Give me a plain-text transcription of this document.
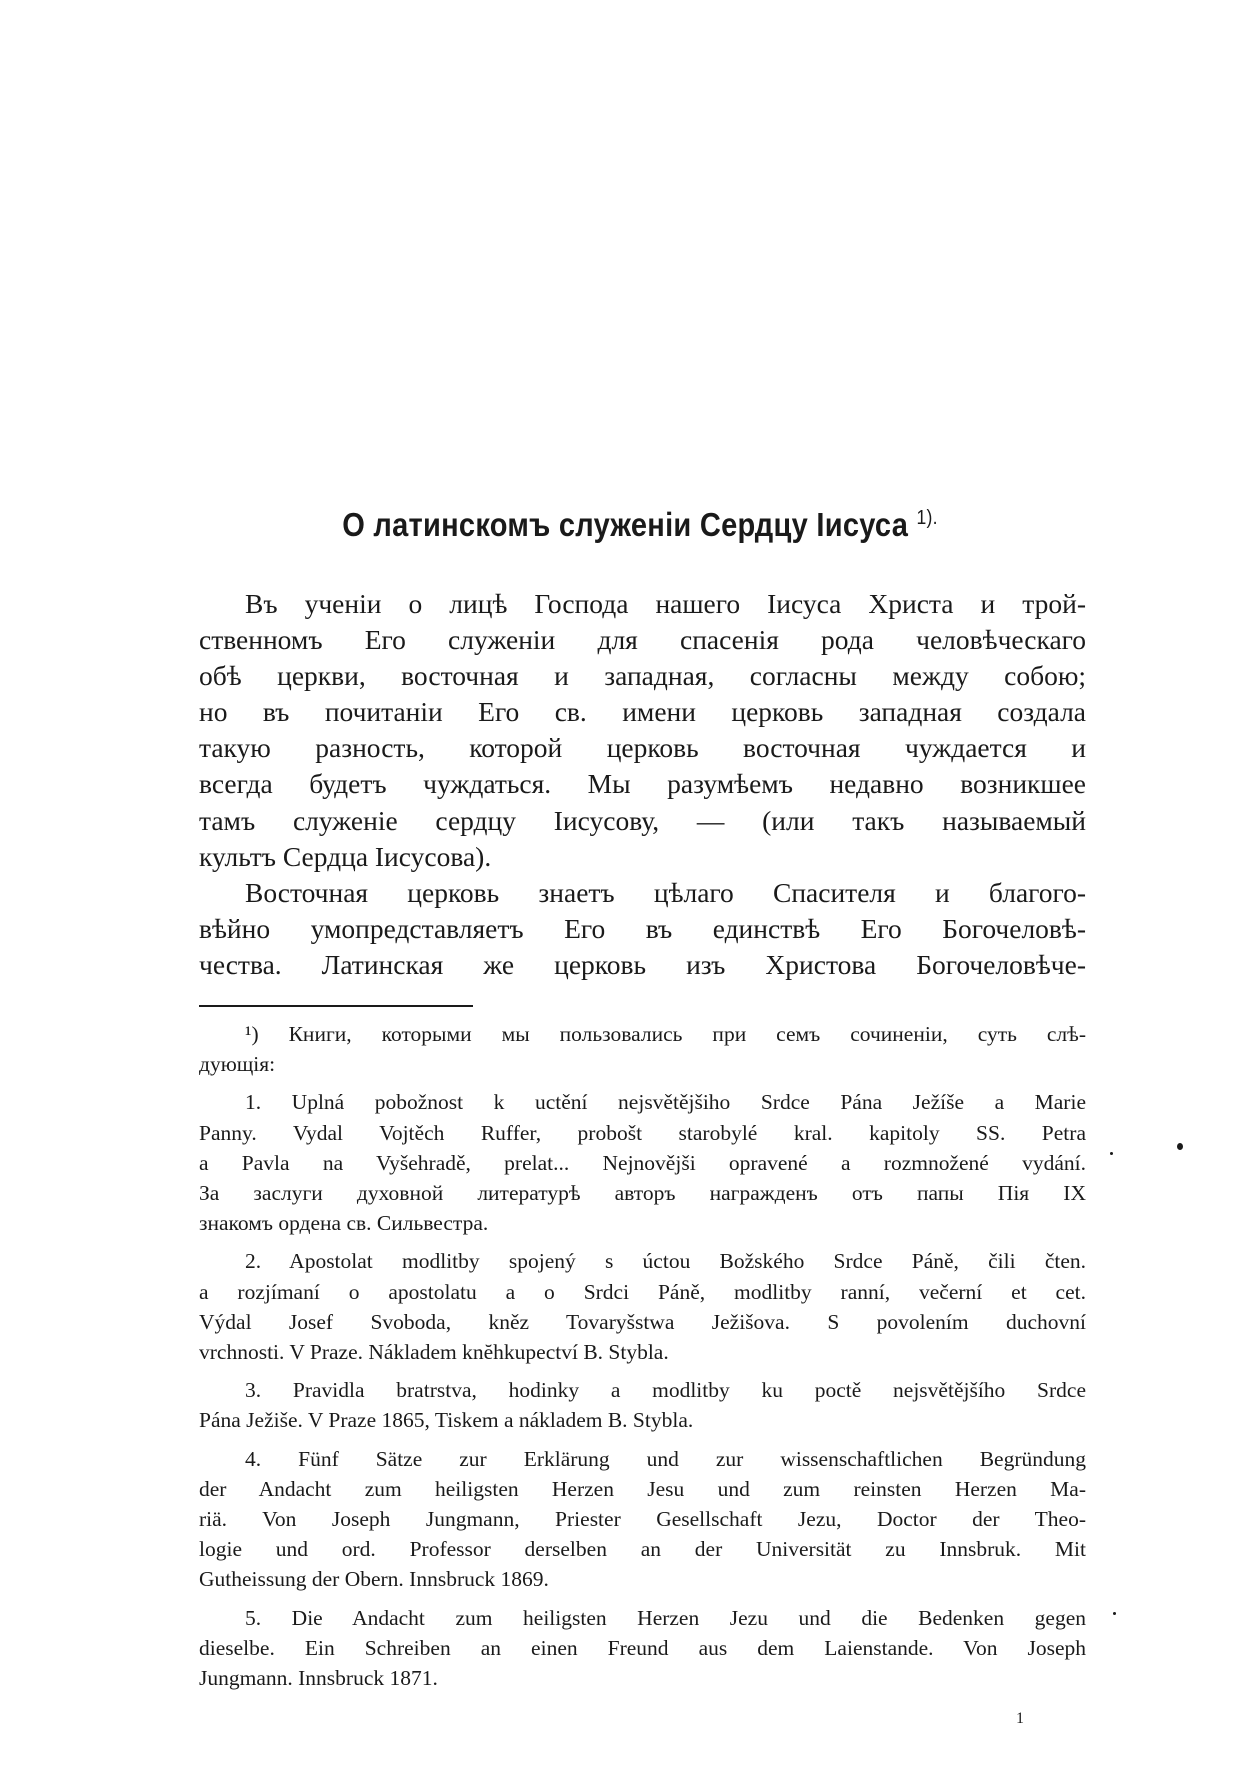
О латинскомъ служеніи Сердцу Іисуса $^{1).}$
Въ ученіи о лицѣ Господа нашего Іисуса Христа и трой-
ственномъ Его служеніи для спасенія рода человѣческаго
обѣ церкви, восточная и западная, согласны между собою;
но въ почитаніи Его св. имени церковь западная создала
такую разность, которой церковь восточная чуждается и
всегда будетъ чуждаться. Мы разумѣемъ недавно возникшее
тамъ служеніе сердцу Іисусову, — (или такъ называемый
культъ Сердца Іисусова).
Восточная церковь знаетъ цѣлаго Спасителя и благого-
вѣйно умопредставляетъ Его въ единствѣ Его Богочеловѣ-
чества. Латинская же церковь изъ Христова Богочеловѣче-
¹) Книги, которыми мы пользовались при семъ сочиненіи, суть слѣ-
дующія:
1. Uplná pobožnost k uctění nejsvětějšiho Srdce Pána Ježíše a Marie
Panny. Vydal Vojtěch Ruffer, probošt starobylé kral. kapitoly SS. Petra
a Pavla na Vyšehradě, prelat... Nejnovějši opravené a rozmnožené vydání.
За заслуги духовной литературѣ авторъ награжденъ отъ папы Пія IX
знакомъ ордена св. Сильвестра.
2. Apostolat modlitby spojený s úctou Božského Srdce Páně, čili čten.
a rozjímaní o apostolatu a o Srdci Páně, modlitby ranní, večerní et cet.
Výdal Josef Svoboda, kněz Tovaryšstwa Ježišova. S povolením duchovní
vrchnosti. V Praze. Nákladem knĕhkupectví B. Stybla.
3. Pravidla bratrstva, hodinky a modlitby ku poctě nejsvětějšího Srdce
Pána Ježiše. V Praze 1865, Tiskem a nákladem B. Stybla.
4. Fünf Sätze zur Erklärung und zur wissenschaftlichen Begründung
der Andacht zum heiligsten Herzen Jesu und zum reinsten Herzen Ma-
riä. Von Joseph Jungmann, Priester Gesellschaft Jezu, Doctor der Theo-
logie und ord. Professor derselben an der Universität zu Innsbruk. Mit
Gutheissung der Obern. Innsbruck 1869.
5. Die Andacht zum heiligsten Herzen Jezu und die Bedenken gegen
dieselbe. Ein Schreiben an einen Freund aus dem Laienstande. Von Joseph
Jungmann. Innsbruck 1871.
1
